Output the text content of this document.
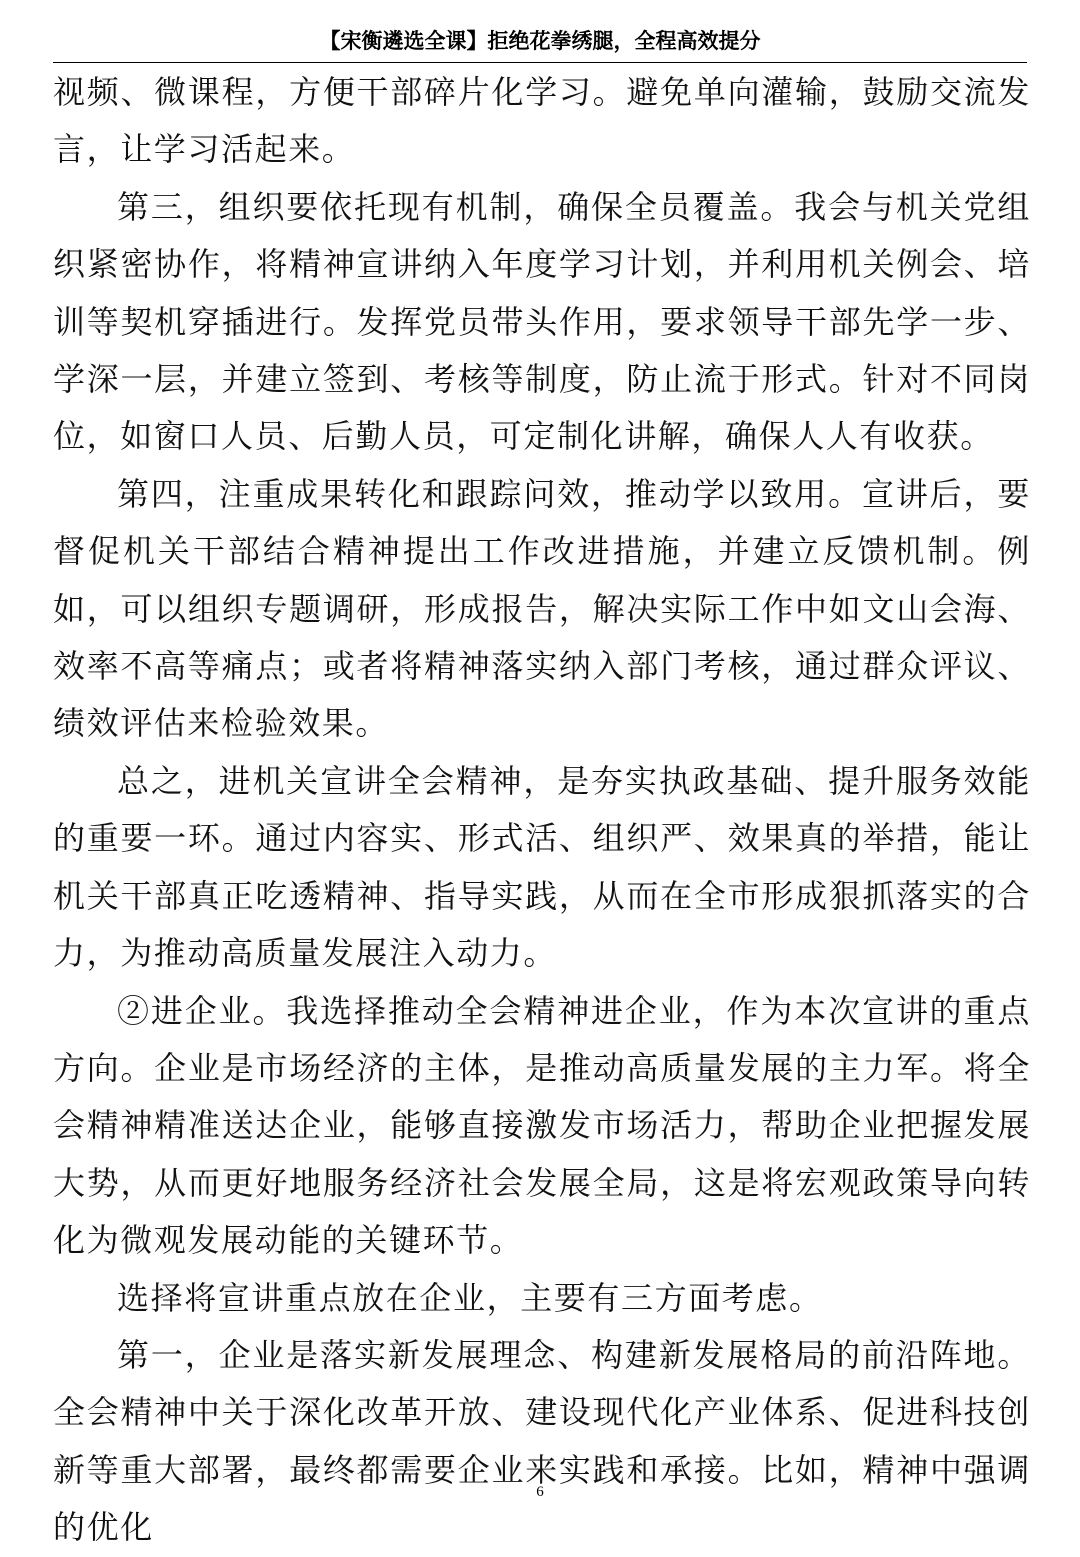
【宋衡遴选全课】拒绝花拳绣腿，全程高效提分

视频、微课程，方便干部碎片化学习。避免单向灌输，鼓励交流发言，让学习活起来。

第三，组织要依托现有机制，确保全员覆盖。我会与机关党组织紧密协作，将精神宣讲纳入年度学习计划，并利用机关例会、培训等契机穿插进行。发挥党员带头作用，要求领导干部先学一步、学深一层，并建立签到、考核等制度，防止流于形式。针对不同岗位，如窗口人员、后勤人员，可定制化讲解，确保人人有收获。

第四，注重成果转化和跟踪问效，推动学以致用。宣讲后，要督促机关干部结合精神提出工作改进措施，并建立反馈机制。例如，可以组织专题调研，形成报告，解决实际工作中如文山会海、效率不高等痛点；或者将精神落实纳入部门考核，通过群众评议、绩效评估来检验效果。

总之，进机关宣讲全会精神，是夯实执政基础、提升服务效能的重要一环。通过内容实、形式活、组织严、效果真的举措，能让机关干部真正吃透精神、指导实践，从而在全市形成狠抓落实的合力，为推动高质量发展注入动力。

②进企业。我选择推动全会精神进企业，作为本次宣讲的重点方向。企业是市场经济的主体，是推动高质量发展的主力军。将全会精神精准送达企业，能够直接激发市场活力，帮助企业把握发展大势，从而更好地服务经济社会发展全局，这是将宏观政策导向转化为微观发展动能的关键环节。

选择将宣讲重点放在企业，主要有三方面考虑。

第一，企业是落实新发展理念、构建新发展格局的前沿阵地。全会精神中关于深化改革开放、建设现代化产业体系、促进科技创新等重大部署，最终都需要企业来实践和承接。比如，精神中强调的优化

6
